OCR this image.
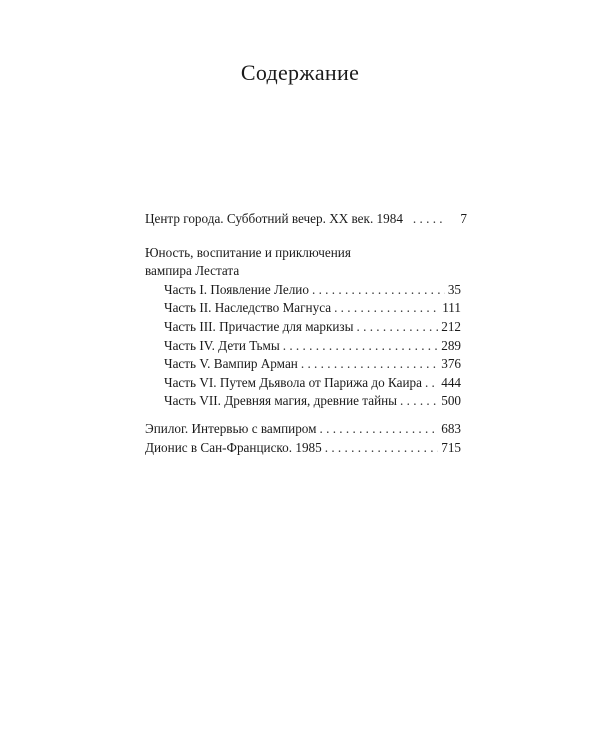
Содержание
Центр города. Субботний вечер. XX век. 1984 . . .	7
Юность, воспитание и приключения
вампира Лестата
Часть I. Появление Лелио . . .	35
Часть II. Наследство Магнуса . . .	111
Часть III. Причастие для маркизы . . .	212
Часть IV. Дети Тьмы . . .	289
Часть V. Вампир Арман . . .	376
Часть VI. Путем Дьявола от Парижа до Каира . . . 444
Часть VII. Древняя магия, древние тайны . . .	500
Эпилог. Интервью с вампиром . . .	683
Дионис в Сан-Франциско. 1985 . . .	715
